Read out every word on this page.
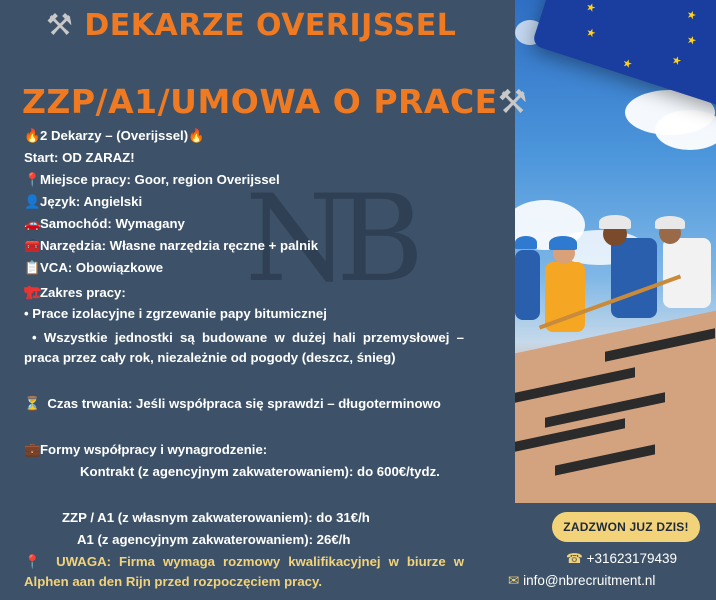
★
★
★
★
★
★
ZADZWON JUZ DZIS!
☎ +31623179439
✉ info@nbrecruitment.nl
NB
⚒ DEKARZE OVERIJSSEL
ZZP/A1/UMOWA O PRACE⚒
🔥2 Dekarzy – (Overijssel)🔥
Start: OD ZARAZ!
📍Miejsce pracy: Goor, region Overijssel
👤Język: Angielski
🚗Samochód: Wymagany
🧰Narzędzia: Własne narzędzia ręczne + palnik
📋VCA: Obowiązkowe
🏗Zakres pracy:
• Prace izolacyjne i zgrzewanie papy bitumicznej
• Wszystkie jednostki są budowane w dużej hali przemysłowej – praca przez cały rok, niezależnie od pogody (deszcz, śnieg)
⏳ Czas trwania: Jeśli współpraca się sprawdzi – długoterminowo
💼Formy współpracy i wynagrodzenie:
Kontrakt (z agencyjnym zakwaterowaniem): do 600€/tydz.
ZZP / A1 (z własnym zakwaterowaniem): do 31€/h
A1 (z agencyjnym zakwaterowaniem): 26€/h
📍 UWAGA: Firma wymaga rozmowy kwalifikacyjnej w biurze w Alphen aan den Rijn przed rozpoczęciem pracy.
